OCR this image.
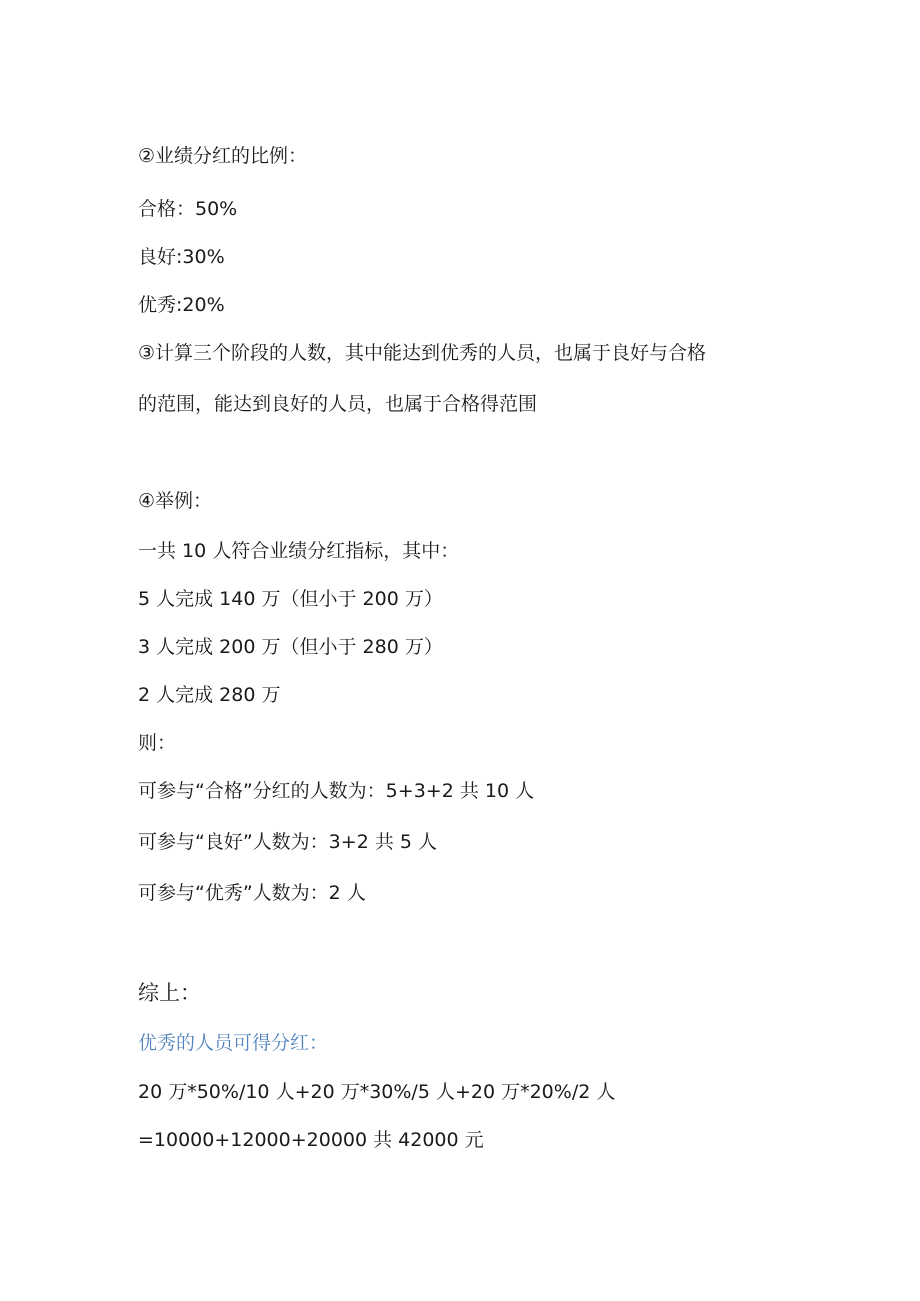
②业绩分红的比例：
合格：50%
良好:30%
优秀:20%
③计算三个阶段的人数，其中能达到优秀的人员，也属于良好与合格
的范围，能达到良好的人员，也属于合格得范围
④举例：
一共 10 人符合业绩分红指标，其中：
5 人完成 140 万（但小于 200 万）
3 人完成 200 万（但小于 280 万）
2 人完成 280 万
则：
可参与“合格”分红的人数为：5+3+2 共 10 人
可参与“良好”人数为：3+2 共 5 人
可参与“优秀”人数为：2 人
综上：
优秀的人员可得分红：
20 万*50%/10 人+20 万*30%/5 人+20 万*20%/2 人
=10000+12000+20000 共 42000 元
